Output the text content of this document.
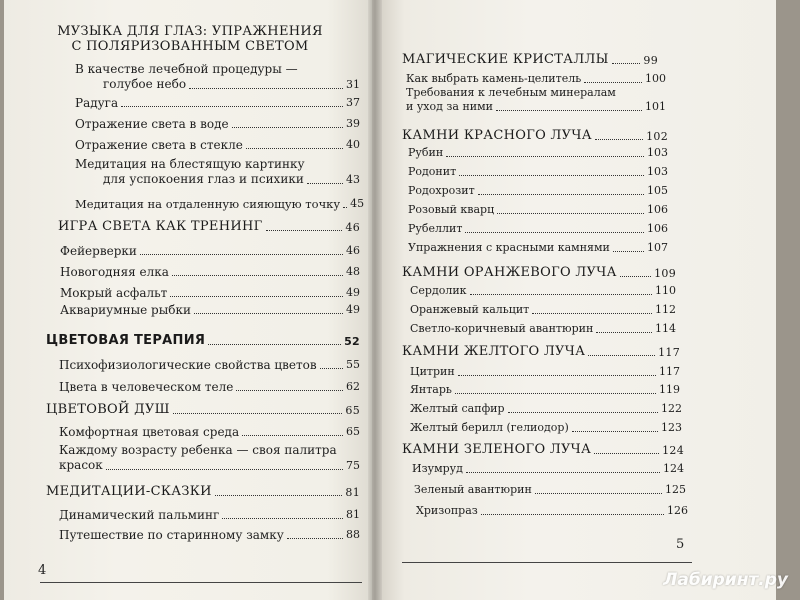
МУЗЫКА ДЛЯ ГЛАЗ: УПРАЖНЕНИЯ
С ПОЛЯРИЗОВАННЫМ СВЕТОМ
В качестве лечебной процедуры —
голубое небо	31
Радуга	37
Отражение света в воде	39
Отражение света в стекле	40
Медитация на блестящую картинку
для успокоения глаз и психики	43
Медитация на отдаленную сияющую точку 45
ИГРА СВЕТА КАК ТРЕНИНГ	46
Фейерверки	46
Новогодняя елка	48
Мокрый асфальт	49
Аквариумные рыбки	49
ЦВЕТОВАЯ ТЕРАПИЯ	52
Психофизиологические свойства цветов	55
Цвета в человеческом теле	62
ЦВЕТОВОЙ ДУШ	65
Комфортная цветовая среда	65
Каждому возрасту ребенка — своя палитра
красок	75
МЕДИТАЦИИ-СКАЗКИ	81
Динамический пальминг	81
Путешествие по старинному замку	88
4
МАГИЧЕСКИЕ КРИСТАЛЛЫ	99
Как выбрать камень-целитель	100
Требования к лечебным минералам
и уход за ними	101
КАМНИ КРАСНОГО ЛУЧА	102
Рубин	103
Родонит	103
Родохрозит	105
Розовый кварц	106
Рубеллит	106
Упражнения с красными камнями	107
КАМНИ ОРАНЖЕВОГО ЛУЧА	109
Сердолик	110
Оранжевый кальцит	112
Светло-коричневый авантюрин	114
КАМНИ ЖЕЛТОГО ЛУЧА	117
Цитрин	117
Янтарь	119
Желтый сапфир	122
Желтый берилл (гелиодор)	123
КАМНИ ЗЕЛЕНОГО ЛУЧА	124
Изумруд	124
Зеленый авантюрин	125
Хризопраз	126
5
Лабиринт.ру
